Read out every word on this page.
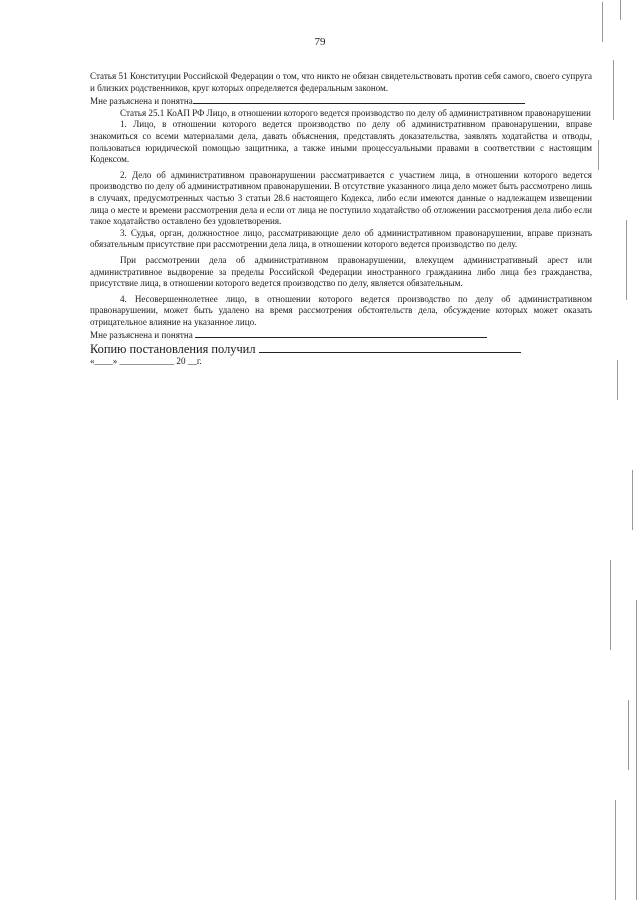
79

Статья 51 Конституции Российской Федерации о том, что никто не обязан свидетельствовать против себя самого, своего супруга и близких родственников, круг которых определяется федеральным законом.

Мне разъяснена и понятна

Статья 25.1 КоАП РФ Лицо, в отношении которого ведется производство по делу об административном правонарушении

1. Лицо, в отношении которого ведется производство по делу об административном правонарушении, вправе знакомиться со всеми материалами дела, давать объяснения, представлять доказательства, заявлять ходатайства и отводы, пользоваться юридической помощью защитника, а также иными процессуальными правами в соответствии с настоящим Кодексом.

2. Дело об административном правонарушении рассматривается с участием лица, в отношении которого ведется производство по делу об административном правонарушении. В отсутствие указанного лица дело может быть рассмотрено лишь в случаях, предусмотренных частью 3 статьи 28.6 настоящего Кодекса, либо если имеются данные о надлежащем извещении лица о месте и времени рассмотрения дела и если от лица не поступило ходатайство об отложении рассмотрения дела либо если такое ходатайство оставлено без удовлетворения.

3. Судья, орган, должностное лицо, рассматривающие дело об административном правонарушении, вправе признать обязательным присутствие при рассмотрении дела лица, в отношении которого ведется производство по делу.

При рассмотрении дела об административном правонарушении, влекущем административный арест или административное выдворение за пределы Российской Федерации иностранного гражданина либо лица без гражданства, присутствие лица, в отношении которого ведется производство по делу, является обязательным.

4. Несовершеннолетнее лицо, в отношении которого ведется производство по делу об административном правонарушении, может быть удалено на время рассмотрения обстоятельств дела, обсуждение которых может оказать отрицательное влияние на указанное лицо.

Мне разъяснена и понятна

Копию постановления получил

«____» ____________ 20 __г.
